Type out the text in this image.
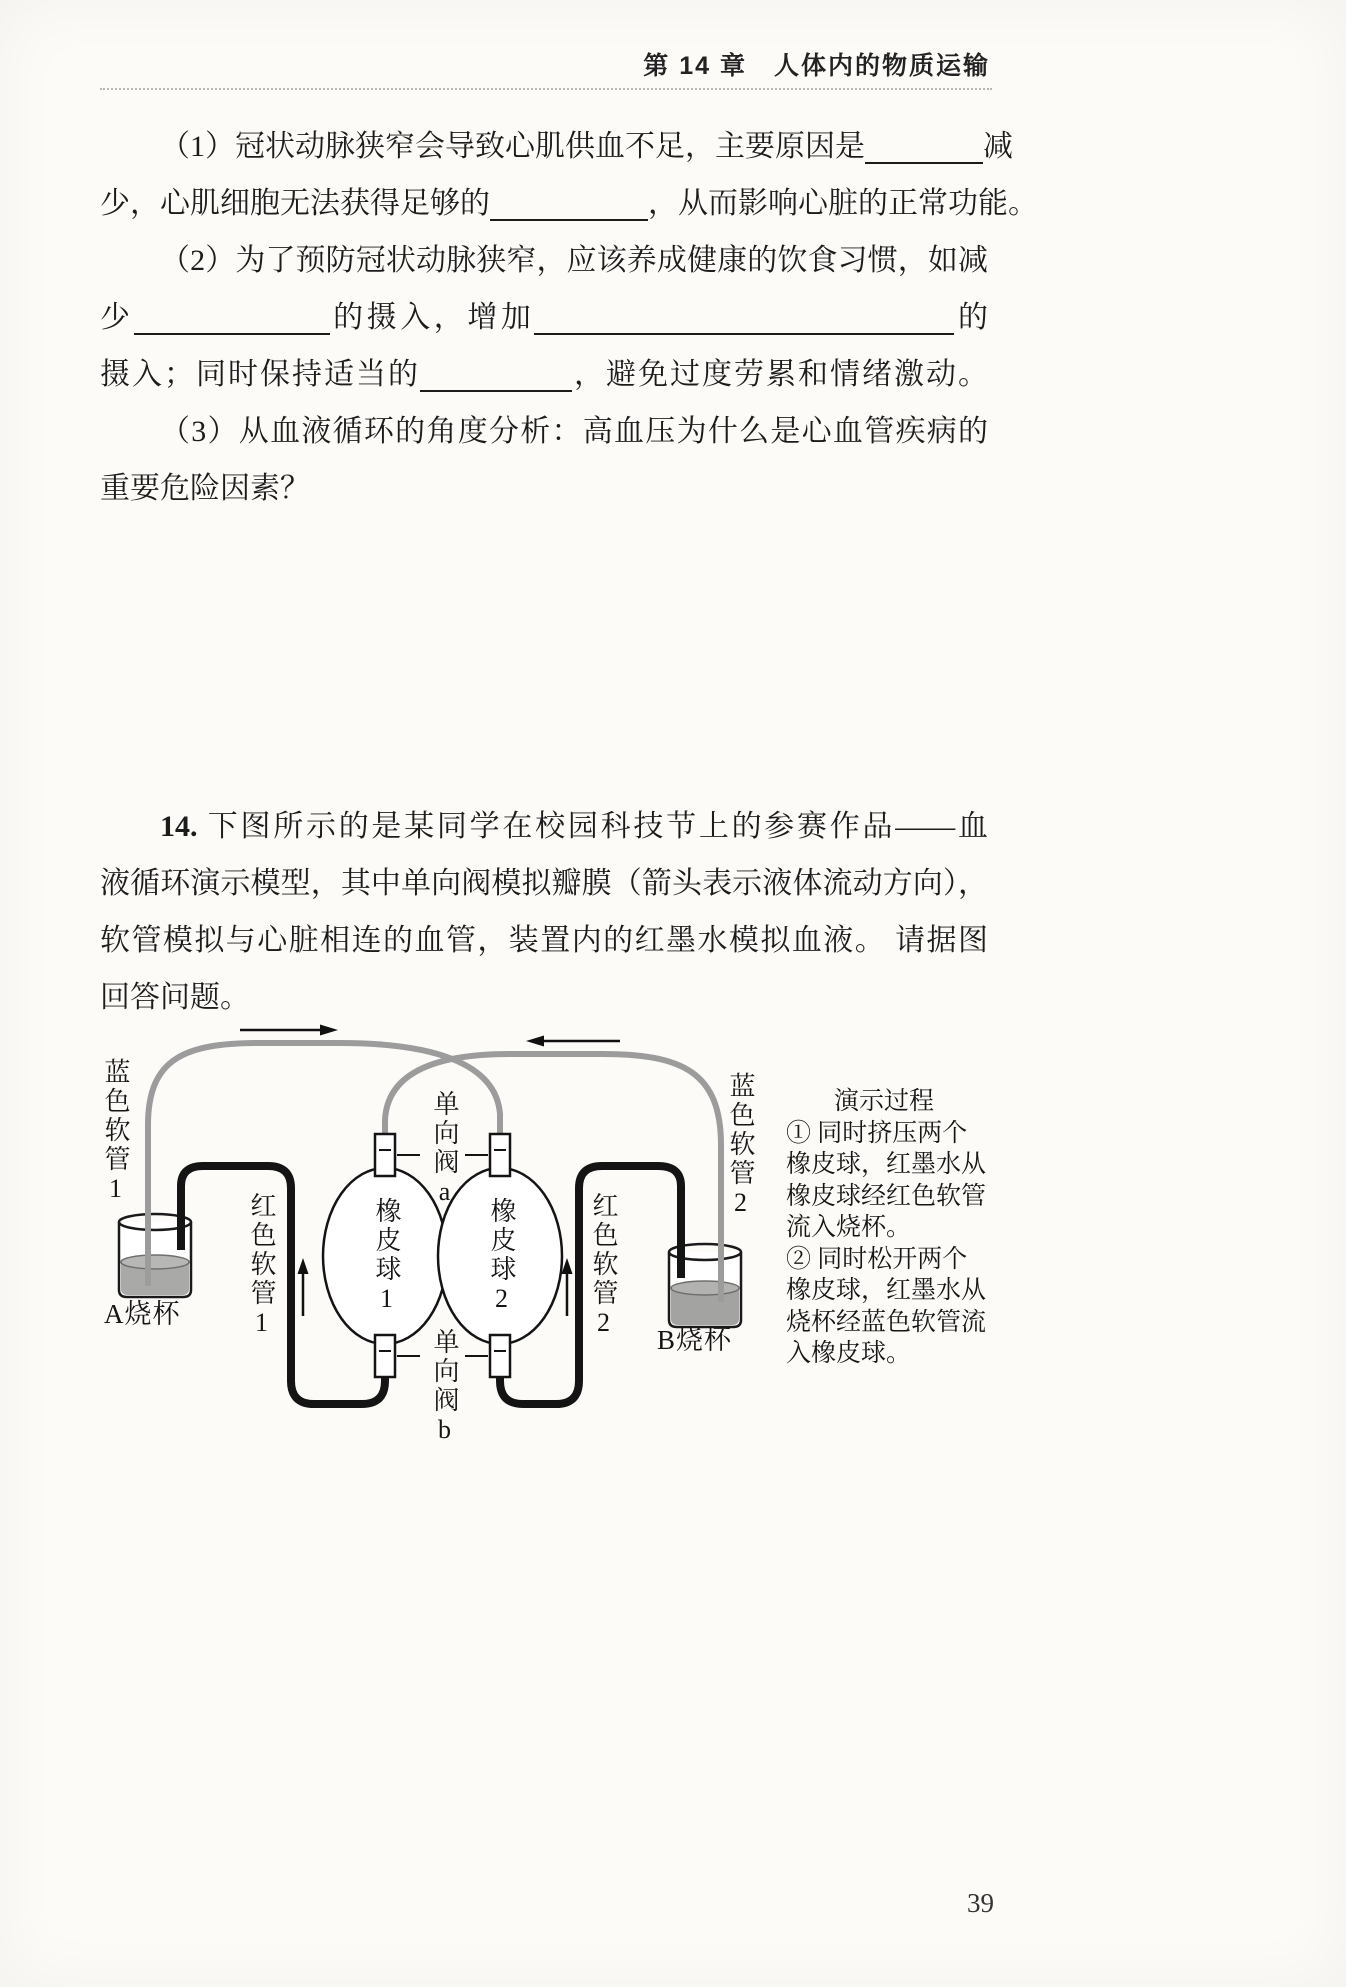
第 14 章　人体内的物质运输
（1）冠状动脉狭窄会导致心肌供血不足，主要原因是	减
少，心肌细胞无法获得足够的	，从而影响心脏的正常功能。
（2）为了预防冠状动脉狭窄，应该养成健康的饮食习惯，如减
少	的摄入，增加	的
摄入；同时保持适当的	，避免过度劳累和情绪激动。
（3）从血液循环的角度分析：高血压为什么是心血管疾病的
重要危险因素？
14. 下图所示的是某同学在校园科技节上的参赛作品——血
液循环演示模型，其中单向阀模拟瓣膜（箭头表示液体流动方向），
软管模拟与心脏相连的血管，装置内的红墨水模拟血液。 请据图
回答问题。
蓝色软管1
红色软管1
单向阀a
橡皮球1	橡皮球2
单向阀b
红色软管2
蓝色软管2
A烧杯
B烧杯
演示过程
① 同时挤压两个
橡皮球，红墨水从
橡皮球经红色软管
流入烧杯。
② 同时松开两个
橡皮球，红墨水从
烧杯经蓝色软管流
入橡皮球。
39
